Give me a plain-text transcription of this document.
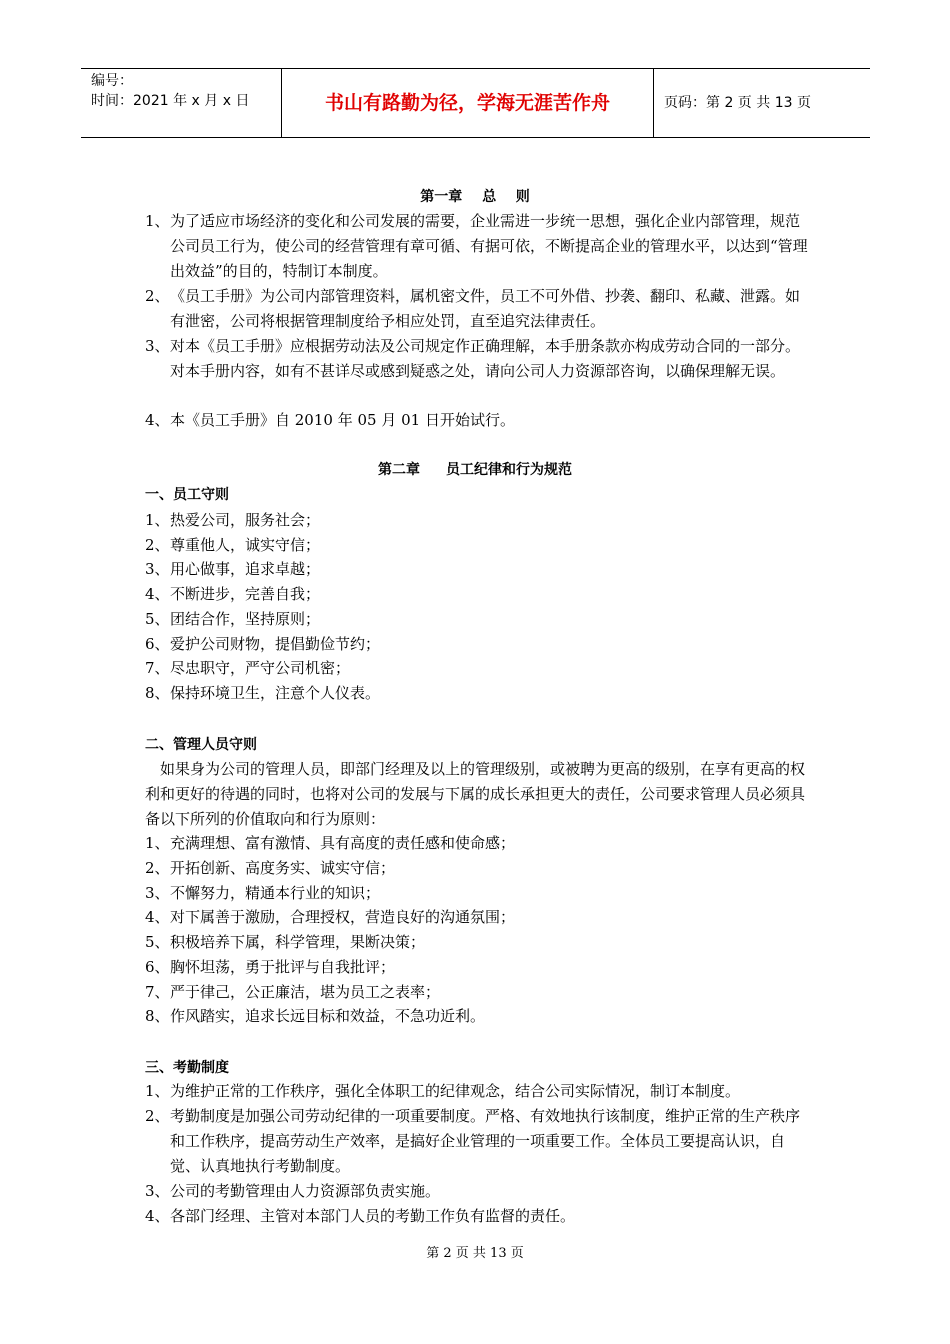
编号：
时间：2021 年 x 月 x 日	书山有路勤为径，学海无涯苦作舟	页码：第 2 页 共 13 页
第一章 总    则
1、 为了适应市场经济的变化和公司发展的需要，企业需进一步统一思想，强化企业内部管理，规范公司员工行为，使公司的经营管理有章可循、有据可依，不断提高企业的管理水平，以达到“管理出效益”的目的，特制订本制度。
2、 《员工手册》为公司内部管理资料，属机密文件，员工不可外借、抄袭、翻印、私藏、泄露。如有泄密，公司将根据管理制度给予相应处罚，直至追究法律责任。
3、 对本《员工手册》应根据劳动法及公司规定作正确理解，本手册条款亦构成劳动合同的一部分。对本手册内容，如有不甚详尽或感到疑惑之处，请向公司人力资源部咨询，以确保理解无误。
4、 本《员工手册》自 2010 年 05 月 01 日开始试行。
第二章 员工纪律和行为规范
一、员工守则
1、 热爱公司，服务社会；
2、 尊重他人，诚实守信；
3、 用心做事，追求卓越；
4、 不断进步，完善自我；
5、 团结合作，坚持原则；
6、 爱护公司财物，提倡勤俭节约；
7、 尽忠职守，严守公司机密；
8、 保持环境卫生，注意个人仪表。
二、管理人员守则
如果身为公司的管理人员，即部门经理及以上的管理级别，或被聘为更高的级别，在享有更高的权利和更好的待遇的同时，也将对公司的发展与下属的成长承担更大的责任，公司要求管理人员必须具备以下所列的价值取向和行为原则：
1、 充满理想、富有激情、具有高度的责任感和使命感；
2、 开拓创新、高度务实、诚实守信；
3、 不懈努力，精通本行业的知识；
4、 对下属善于激励，合理授权，营造良好的沟通氛围；
5、 积极培养下属，科学管理，果断决策；
6、 胸怀坦荡，勇于批评与自我批评；
7、 严于律己，公正廉洁，堪为员工之表率；
8、 作风踏实，追求长远目标和效益，不急功近利。
三、考勤制度
1、 为维护正常的工作秩序，强化全体职工的纪律观念，结合公司实际情况，制订本制度。
2、 考勤制度是加强公司劳动纪律的一项重要制度。严格、有效地执行该制度，维护正常的生产秩序和工作秩序，提高劳动生产效率，是搞好企业管理的一项重要工作。全体员工要提高认识，自觉、认真地执行考勤制度。
3、 公司的考勤管理由人力资源部负责实施。
4、 各部门经理、主管对本部门人员的考勤工作负有监督的责任。
第 2 页 共 13 页
